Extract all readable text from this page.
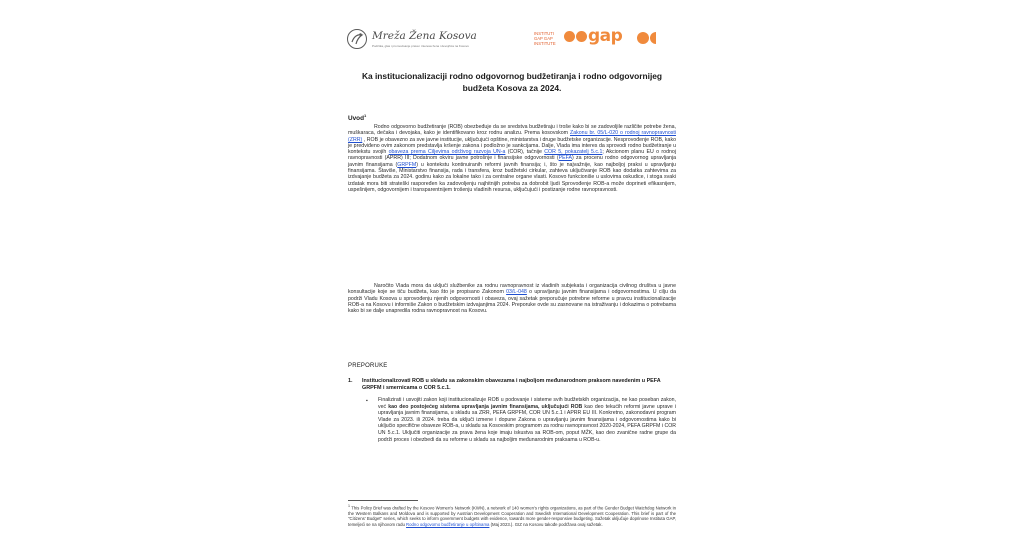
Mreža Žena Kosova
Podrška, glas i promovisanje prava i interesa žena i devojčica na Kosovu
INSTITUTI GAP GAP INSTITUTE	gap
Ka institucionalizaciji rodno odgovornog budžetiranja i rodno odgovornijeg budžeta Kosova za 2024.
Uvod$^1$
Rodno odgovorno budžetiranje (ROB) obezbeđuje da se sredstva budžetiraju i troše kako bi se zadovoljile različite potrebe žena, muškaraca, dečaka i devojaka, kako je identifikovano kroz rodnu analizu. Prema kosovskom Zakonu br. 05/L-020 o rodnoj ravnopravnosti (ZRR) , ROB je obavezno za sve javne institucije, uključujući opštine, ministarstva i druge budžetske organizacije. Nesprovođenje ROB, kako je predviđeno ovim zakonom predstavlja kršenje zakona i podložno je sankcijama. Dalje, Vlada ima interes da sprovodi rodno budžetiranje u kontekstu svojih obaveza prema Ciljevima održivog razvoja UN-a (COR), tačnije COR 5, pokazatelj 5.c.1; Akcionom planu EU o rodnoj ravnopravnosti (APRR) III; Dodatnom okviru javne potrošnje i finansijske odgovornosti (PEFA) za procenu rodno odgovornog upravljanja javnim finansijama (GRPFM) u kontekstu kontinuiranih reformi javnih finansija; i, što je najvažnije, kao najboljoj praksi u upravljanju finansijama. Štaviše, Ministarstvo finansija, rada i transfera, kroz budžetski cirkular, zahteva uključivanje ROB kao dodatka zahtevima za izdvajanje budžeta za 2024. godinu kako za lokalne tako i za centralne organe vlasti. Kosovo funkcioniše u uslovima oskudice, i stoga svaki izdatak mora biti strateški raspoređen ka zadovoljenju najhitnijih potreba za dobrobit ljudi Sprovođenje ROB-a može doprineti efikasnijem, uspešnijem, odgovornijem i transparentnijem trošenju vladinih resursa, uključujući i postizanje rodne ravnopravnosti.
Naročito Vlada mora da uključi službenike za rodnu ravnopravnost iz vladinih subjekata i organizacija civilnog društva u javne konsultacije koje se tiču budžeta, kao što je propisano Zakonom 03/L-048 o upravljanju javnim finansijama i odgovornostima. U cilju da podrži Vladu Kosova u sprovođenju njenih odgovornosti i obaveza, ovaj sažetak preporučuje potrebne reforme u pravcu institucionalizacije ROB-a na Kosovu i informiše Zakon o budžetskim izdvajanjima 2024. Preporuke ovde su zasnovane na istraživanju i dokazima o potrebama kako bi se dalje unapredila rodna ravnopravnost na Kosovu.
PREPORUKE
1. Institucionalizovati ROB u skladu sa zakonskim obavezama i najboljom međunarodnom praksom navedenim u PEFA GRPFM i smernicama o COR 5.c.1.
▪ Finalizirati i usvojiti zakon koji institucionalizuje ROB u podovanje i sisteme svih budžetskih organizacija, ne kao poseban zakon, već kao deo postojećeg sistema upravljanja javnim finansijama, uključujući ROB kao deo tekućih reformi javne uprave i upravljanja javnim finansijama, u skladu sa ZRR, PEFA GRPFM, COR UN 5.c.1 i APRR EU III. Konkretno, zakonodavni program Vlade za 2023. ili 2024. treba da uključi izmene i dopune Zakona o upravljanju javnim finansijama i odgovornostima kako bi uključio specifične obaveze ROB-a, u skladu sa Kosovskim programom za rodnu ravnopravnost 2020-2024, PEFA GRPFM i COR UN 5.c.1. Uključiti organizacije za prava žena koje imaju iskustva sa ROB-om, poput MŽK, kao deo zvanične radne grupe da podrži proces i obezbedi da su reforme u skladu sa najboljim međunarodnim praksama u ROB-u.
$^1$ This Policy Brief was drafted by the Kosovo Women's Network (KWN), a network of 140 women's rights organizations, as part of the Gender Budget Watchdog Network in the Western Balkans and Moldova and is supported by Austrian Development Cooperation and Swedish International Development Cooperation. This brief is part of the "Citizens' Budget" series, which seeks to inform government budgets with evidence, towards more gender-responsive budgeting. Sažetak uključuje doprinose Instituta GAP, temeljeći se na njihovom radu Rodno odgovorno budžetiranje u opštinama (Maj 2023.). GIZ na Kosovu takođe podržava ovaj sažetak.
